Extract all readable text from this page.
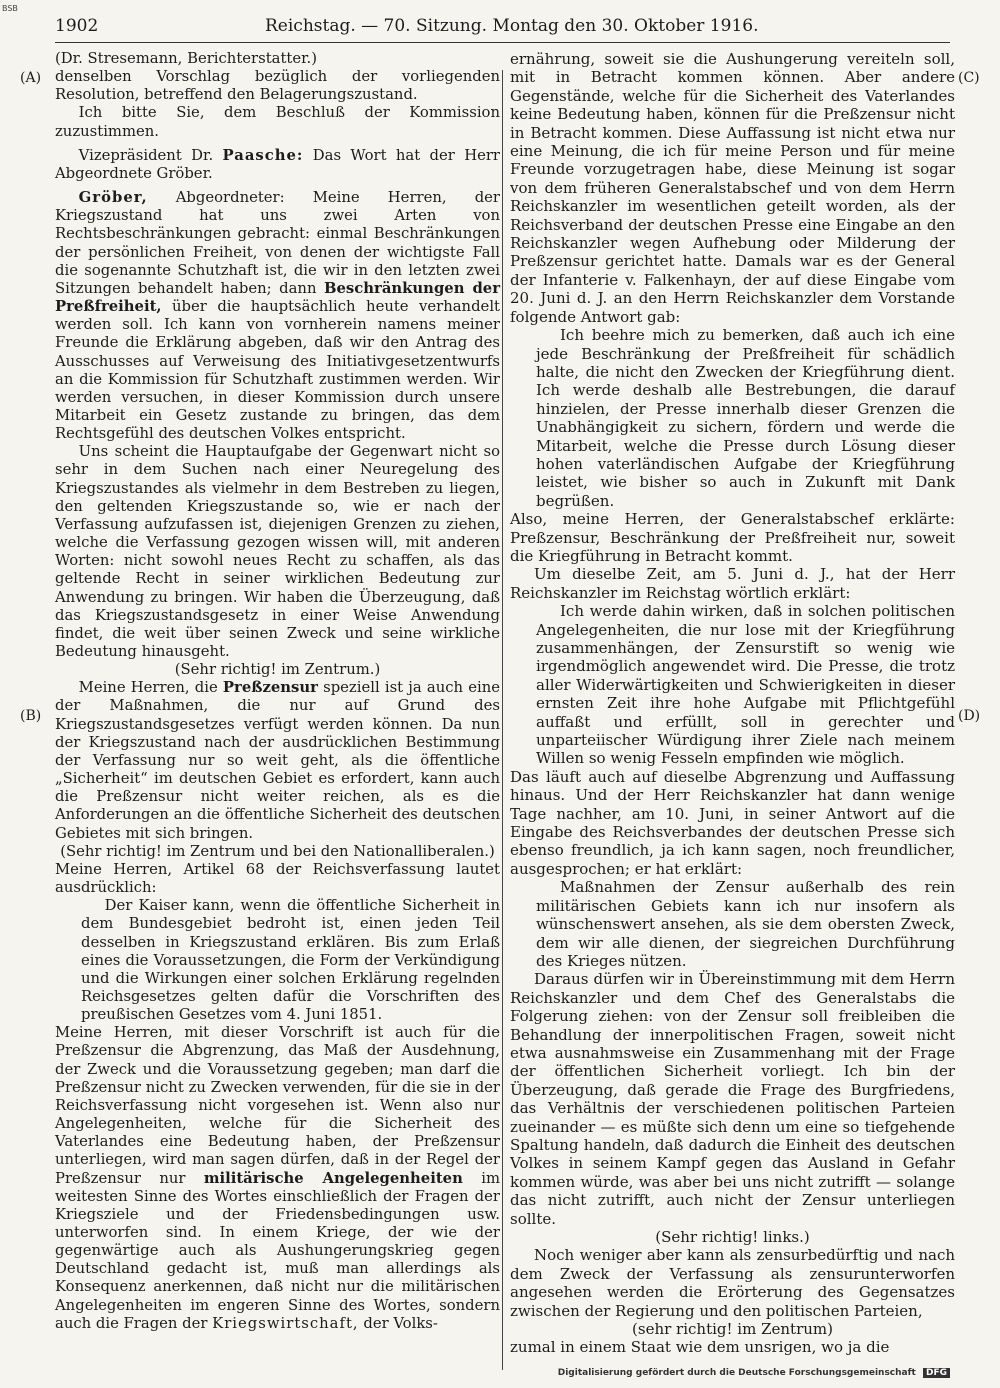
BSB
1902	Reichstag. — 70. Sitzung. Montag den 30. Oktober 1916.
(A)
(B)
(C)
(D)

(Dr. Stresemann, Berichterstatter.)

denselben Vorschlag bezüglich der vorliegenden Resolution, betreffend den Belagerungszustand.

Ich bitte Sie, dem Beschluß der Kommission zuzustimmen.

Vizepräsident Dr. Paasche: Das Wort hat der Herr Abgeordnete Gröber.

Gröber, Abgeordneter: Meine Herren, der Kriegszustand hat uns zwei Arten von Rechtsbeschränkungen gebracht: einmal Beschränkungen der persönlichen Freiheit, von denen der wichtigste Fall die sogenannte Schutzhaft ist, die wir in den letzten zwei Sitzungen behandelt haben; dann Beschränkungen der Preßfreiheit, über die hauptsächlich heute verhandelt werden soll. Ich kann von vornherein namens meiner Freunde die Erklärung abgeben, daß wir den Antrag des Ausschusses auf Verweisung des Initiativgesetzentwurfs an die Kommission für Schutzhaft zustimmen werden. Wir werden versuchen, in dieser Kommission durch unsere Mitarbeit ein Gesetz zustande zu bringen, das dem Rechtsgefühl des deutschen Volkes entspricht.

Uns scheint die Hauptaufgabe der Gegenwart nicht so sehr in dem Suchen nach einer Neuregelung des Kriegszustandes als vielmehr in dem Bestreben zu liegen, den geltenden Kriegszustande so, wie er nach der Verfassung aufzufassen ist, diejenigen Grenzen zu ziehen, welche die Verfassung gezogen wissen will, mit anderen Worten: nicht sowohl neues Recht zu schaffen, als das geltende Recht in seiner wirklichen Bedeutung zur Anwendung zu bringen. Wir haben die Überzeugung, daß das Kriegszustandsgesetz in einer Weise Anwendung findet, die weit über seinen Zweck und seine wirkliche Bedeutung hinausgeht.

(Sehr richtig! im Zentrum.)

Meine Herren, die Preßzensur speziell ist ja auch eine der Maßnahmen, die nur auf Grund des Kriegszustandsgesetzes verfügt werden können. Da nun der Kriegszustand nach der ausdrücklichen Bestimmung der Verfassung nur so weit geht, als die öffentliche „Sicherheit“ im deutschen Gebiet es erfordert, kann auch die Preßzensur nicht weiter reichen, als es die Anforderungen an die öffentliche Sicherheit des deutschen Gebietes mit sich bringen.

(Sehr richtig! im Zentrum und bei den Nationalliberalen.)

Meine Herren, Artikel 68 der Reichsverfassung lautet ausdrücklich:

Der Kaiser kann, wenn die öffentliche Sicherheit in dem Bundesgebiet bedroht ist, einen jeden Teil desselben in Kriegszustand erklären. Bis zum Erlaß eines die Voraussetzungen, die Form der Verkündigung und die Wirkungen einer solchen Erklärung regelnden Reichsgesetzes gelten dafür die Vorschriften des preußischen Gesetzes vom 4. Juni 1851.

Meine Herren, mit dieser Vorschrift ist auch für die Preßzensur die Abgrenzung, das Maß der Ausdehnung, der Zweck und die Voraussetzung gegeben; man darf die Preßzensur nicht zu Zwecken verwenden, für die sie in der Reichsverfassung nicht vorgesehen ist. Wenn also nur Angelegenheiten, welche für die Sicherheit des Vaterlandes eine Bedeutung haben, der Preßzensur unterliegen, wird man sagen dürfen, daß in der Regel der Preßzensur nur militärische Angelegenheiten im weitesten Sinne des Wortes einschließlich der Fragen der Kriegsziele und der Friedensbedingungen usw. unterworfen sind. In einem Kriege, der wie der gegenwärtige auch als Aushungerungskrieg gegen Deutschland gedacht ist, muß man allerdings als Konsequenz anerkennen, daß nicht nur die militärischen Angelegenheiten im engeren Sinne des Wortes, sondern auch die Fragen der Kriegswirtschaft, der Volks-

ernährung, soweit sie die Aushungerung vereiteln soll, mit in Betracht kommen können. Aber andere Gegenstände, welche für die Sicherheit des Vaterlandes keine Bedeutung haben, können für die Preßzensur nicht in Betracht kommen. Diese Auffassung ist nicht etwa nur eine Meinung, die ich für meine Person und für meine Freunde vorzugetragen habe, diese Meinung ist sogar von dem früheren Generalstabschef und von dem Herrn Reichskanzler im wesentlichen geteilt worden, als der Reichsverband der deutschen Presse eine Eingabe an den Reichskanzler wegen Aufhebung oder Milderung der Preßzensur gerichtet hatte. Damals war es der General der Infanterie v. Falkenhayn, der auf diese Eingabe vom 20. Juni d. J. an den Herrn Reichskanzler dem Vorstande folgende Antwort gab:

Ich beehre mich zu bemerken, daß auch ich eine jede Beschränkung der Preßfreiheit für schädlich halte, die nicht den Zwecken der Kriegführung dient. Ich werde deshalb alle Bestrebungen, die darauf hinzielen, der Presse innerhalb dieser Grenzen die Unabhängigkeit zu sichern, fördern und werde die Mitarbeit, welche die Presse durch Lösung dieser hohen vaterländischen Aufgabe der Kriegführung leistet, wie bisher so auch in Zukunft mit Dank begrüßen.

Also, meine Herren, der Generalstabschef erklärte: Preßzensur, Beschränkung der Preßfreiheit nur, soweit die Kriegführung in Betracht kommt.

Um dieselbe Zeit, am 5. Juni d. J., hat der Herr Reichskanzler im Reichstag wörtlich erklärt:

Ich werde dahin wirken, daß in solchen politischen Angelegenheiten, die nur lose mit der Kriegführung zusammenhängen, der Zensurstift so wenig wie irgendmöglich angewendet wird. Die Presse, die trotz aller Widerwärtigkeiten und Schwierigkeiten in dieser ernsten Zeit ihre hohe Aufgabe mit Pflichtgefühl auffaßt und erfüllt, soll in gerechter und unparteiischer Würdigung ihrer Ziele nach meinem Willen so wenig Fesseln empfinden wie möglich.

Das läuft auch auf dieselbe Abgrenzung und Auffassung hinaus. Und der Herr Reichskanzler hat dann wenige Tage nachher, am 10. Juni, in seiner Antwort auf die Eingabe des Reichsverbandes der deutschen Presse sich ebenso freundlich, ja ich kann sagen, noch freundlicher, ausgesprochen; er hat erklärt:

Maßnahmen der Zensur außerhalb des rein militärischen Gebiets kann ich nur insofern als wünschenswert ansehen, als sie dem obersten Zweck, dem wir alle dienen, der siegreichen Durchführung des Krieges nützen.

Daraus dürfen wir in Übereinstimmung mit dem Herrn Reichskanzler und dem Chef des Generalstabs die Folgerung ziehen: von der Zensur soll freibleiben die Behandlung der innerpolitischen Fragen, soweit nicht etwa ausnahmsweise ein Zusammenhang mit der Frage der öffentlichen Sicherheit vorliegt. Ich bin der Überzeugung, daß gerade die Frage des Burgfriedens, das Verhältnis der verschiedenen politischen Parteien zueinander — es müßte sich denn um eine so tiefgehende Spaltung handeln, daß dadurch die Einheit des deutschen Volkes in seinem Kampf gegen das Ausland in Gefahr kommen würde, was aber bei uns nicht zutrifft — solange das nicht zutrifft, auch nicht der Zensur unterliegen sollte.

(Sehr richtig! links.)

Noch weniger aber kann als zensurbedürftig und nach dem Zweck der Verfassung als zensurunterworfen angesehen werden die Erörterung des Gegensatzes zwischen der Regierung und den politischen Parteien,

(sehr richtig! im Zentrum)

zumal in einem Staat wie dem unsrigen, wo ja die

Digitalisierung gefördert durch die Deutsche Forschungsgemeinschaft DFG
